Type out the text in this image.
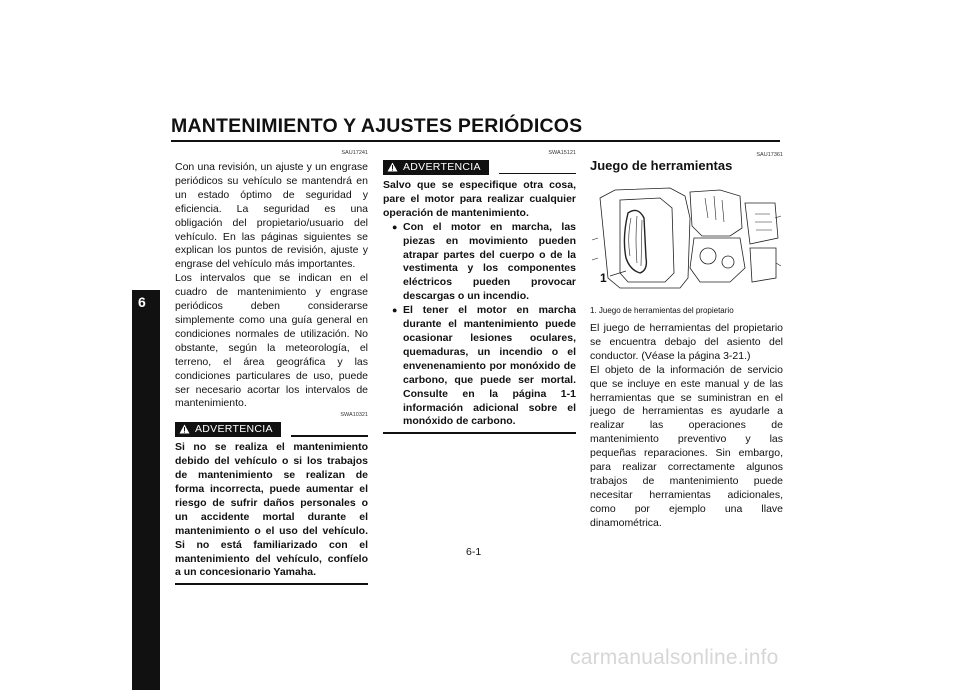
MANTENIMIENTO Y AJUSTES PERIÓDICOS
6
SAU17241

Con una revisión, un ajuste y un engrase periódicos su vehículo se mantendrá en un estado óptimo de seguridad y eficiencia. La seguridad es una obligación del propietario/usuario del vehículo. En las páginas siguientes se explican los puntos de revisión, ajuste y engrase del vehículo más importantes.

Los intervalos que se indican en el cuadro de mantenimiento y engrase periódicos deben considerarse simplemente como una guía general en condiciones normales de utilización. No obstante, según la meteorología, el terreno, el área geográfica y las condiciones particulares de uso, puede ser necesario acortar los intervalos de mantenimiento.

SWA10321
ADVERTENCIA
Si no se realiza el mantenimiento debido del vehículo o si los trabajos de mantenimiento se realizan de forma incorrecta, puede aumentar el riesgo de sufrir daños personales o un accidente mortal durante el mantenimiento o el uso del vehículo. Si no está familiarizado con el mantenimiento del vehículo, confíelo a un concesionario Yamaha.
SWA15121
ADVERTENCIA

Salvo que se especifique otra cosa, pare el motor para realizar cualquier operación de mantenimiento.

● Con el motor en marcha, las piezas en movimiento pueden atrapar partes del cuerpo o de la vestimenta y los componentes eléctricos pueden provocar descargas o un incendio.
● El tener el motor en marcha durante el mantenimiento puede ocasionar lesiones oculares, quemaduras, un incendio o el envenenamiento por monóxido de carbono, que puede ser mortal. Consulte en la página 1-1 información adicional sobre el monóxido de carbono.
SAU17361
Juego de herramientas
1
1. Juego de herramientas del propietario

El juego de herramientas del propietario se encuentra debajo del asiento del conductor. (Véase la página 3-21.)

El objeto de la información de servicio que se incluye en este manual y de las herramientas que se suministran en el juego de herramientas es ayudarle a realizar las operaciones de mantenimiento preventivo y las pequeñas reparaciones. Sin embargo, para realizar correctamente algunos trabajos de mantenimiento puede necesitar herramientas adicionales, como por ejemplo una llave dinamométrica.

6-1
carmanualsonline.info
